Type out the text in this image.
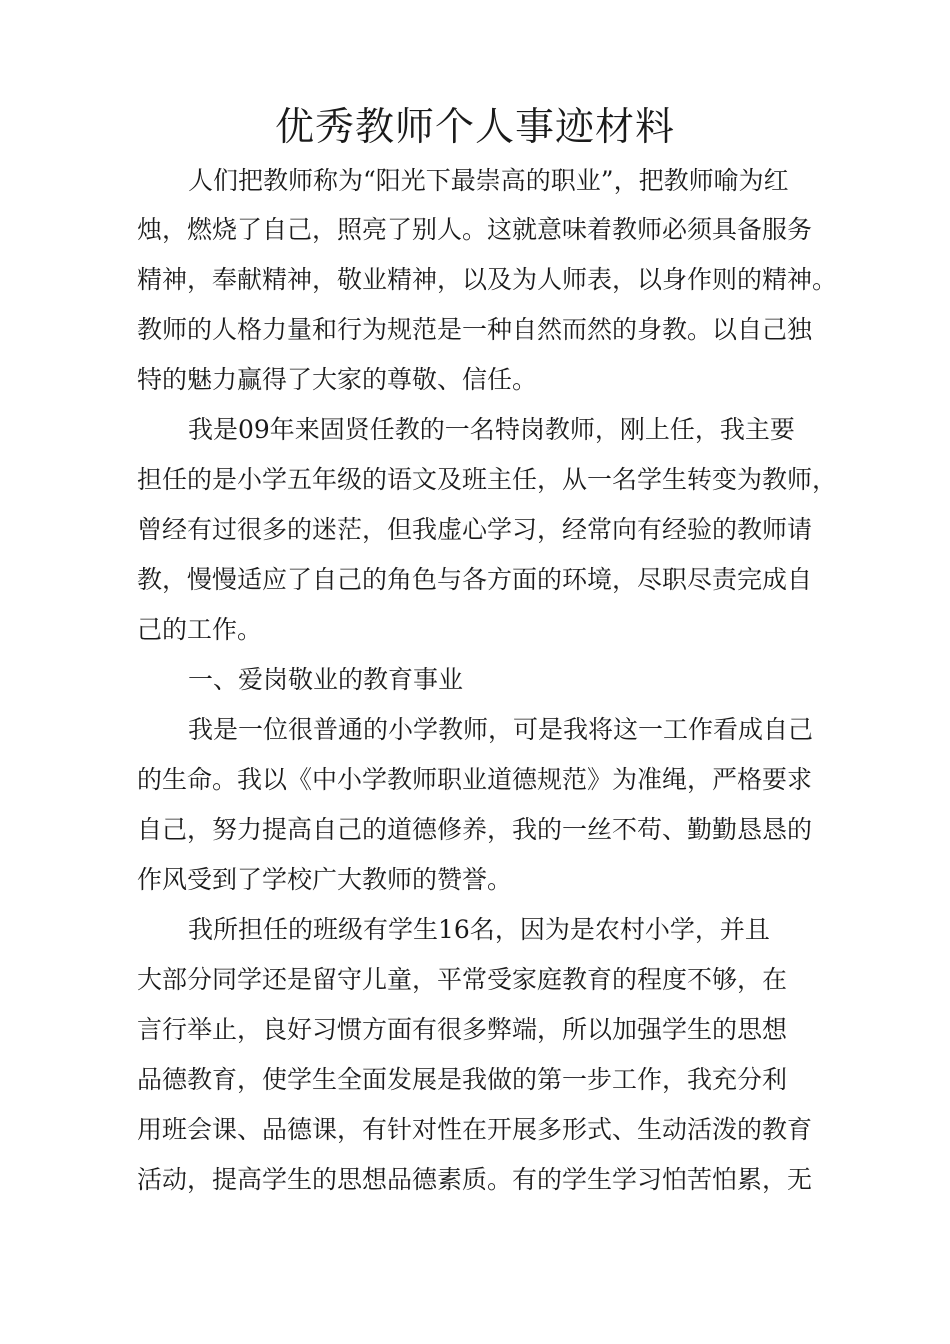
优秀教师个人事迹材料

人们把教师称为“阳光下最崇高的职业”，把教师喻为红

烛，燃烧了自己，照亮了别人。这就意味着教师必须具备服务

精神，奉献精神，敬业精神，以及为人师表，以身作则的精神。

教师的人格力量和行为规范是一种自然而然的身教。以自己独

特的魅力赢得了大家的尊敬、信任。

我是09年来固贤任教的一名特岗教师，刚上任，我主要

担任的是小学五年级的语文及班主任，从一名学生转变为教师，

曾经有过很多的迷茫，但我虚心学习，经常向有经验的教师请

教，慢慢适应了自己的角色与各方面的环境，尽职尽责完成自

己的工作。

一、爱岗敬业的教育事业

我是一位很普通的小学教师，可是我将这一工作看成自己

的生命。我以《中小学教师职业道德规范》为准绳，严格要求

自己，努力提高自己的道德修养，我的一丝不苟、勤勤恳恳的

作风受到了学校广大教师的赞誉。

我所担任的班级有学生16名，因为是农村小学，并且

大部分同学还是留守儿童，平常受家庭教育的程度不够，在

言行举止，良好习惯方面有很多弊端，所以加强学生的思想

品德教育，使学生全面发展是我做的第一步工作，我充分利

用班会课、品德课，有针对性在开展多形式、生动活泼的教育

活动，提高学生的思想品德素质。有的学生学习怕苦怕累，无
